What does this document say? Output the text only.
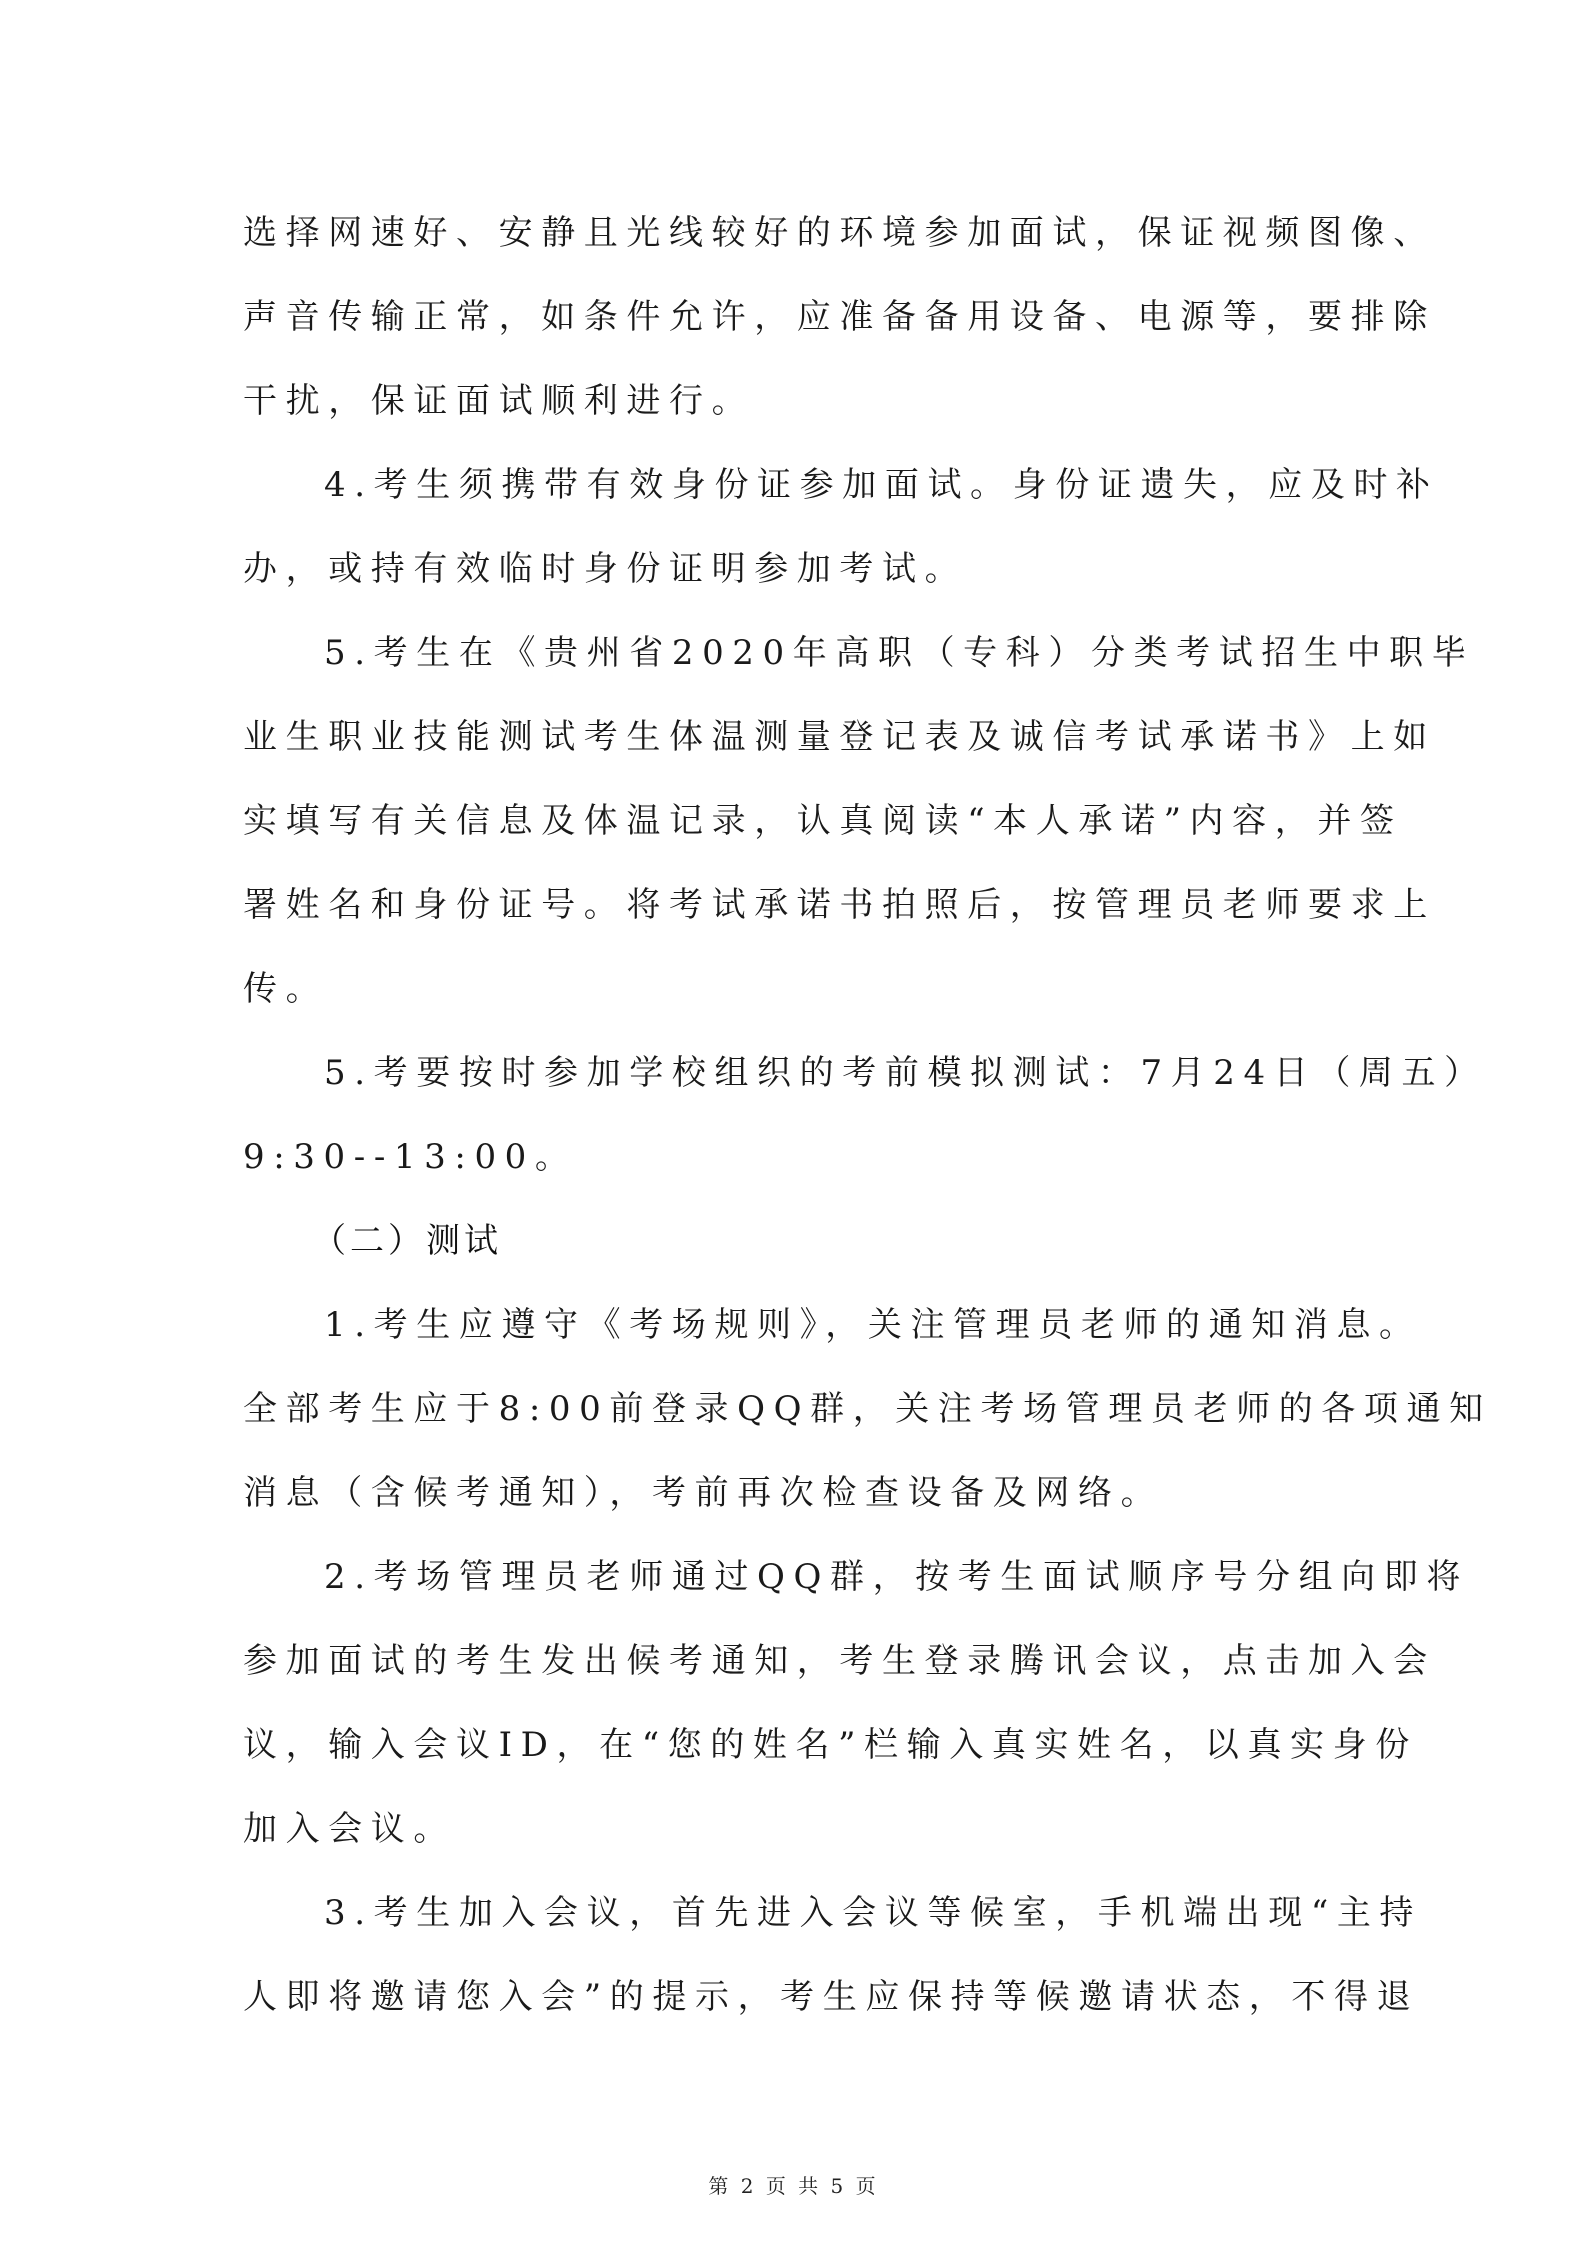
选择网速好、安静且光线较好的环境参加面试，保证视频图像、
声音传输正常，如条件允许，应准备备用设备、电源等，要排除
干扰，保证面试顺利进行。
4.考生须携带有效身份证参加面试。身份证遗失，应及时补
办，或持有效临时身份证明参加考试。
5.考生在《贵州省2020年高职（专科）分类考试招生中职毕
业生职业技能测试考生体温测量登记表及诚信考试承诺书》上如
实填写有关信息及体温记录，认真阅读“本人承诺”内容，并签
署姓名和身份证号。将考试承诺书拍照后，按管理员老师要求上
传。
5.考要按时参加学校组织的考前模拟测试：7月24日（周五）
9:30--13:00。
（二）测试
1.考生应遵守《考场规则》，关注管理员老师的通知消息。
全部考生应于8:00前登录QQ群，关注考场管理员老师的各项通知
消息（含候考通知），考前再次检查设备及网络。
2.考场管理员老师通过QQ群，按考生面试顺序号分组向即将
参加面试的考生发出候考通知，考生登录腾讯会议，点击加入会
议，输入会议ID，在“您的姓名”栏输入真实姓名，以真实身份
加入会议。
3.考生加入会议，首先进入会议等候室，手机端出现“主持
人即将邀请您入会”的提示，考生应保持等候邀请状态，不得退
第 2 页 共 5 页
